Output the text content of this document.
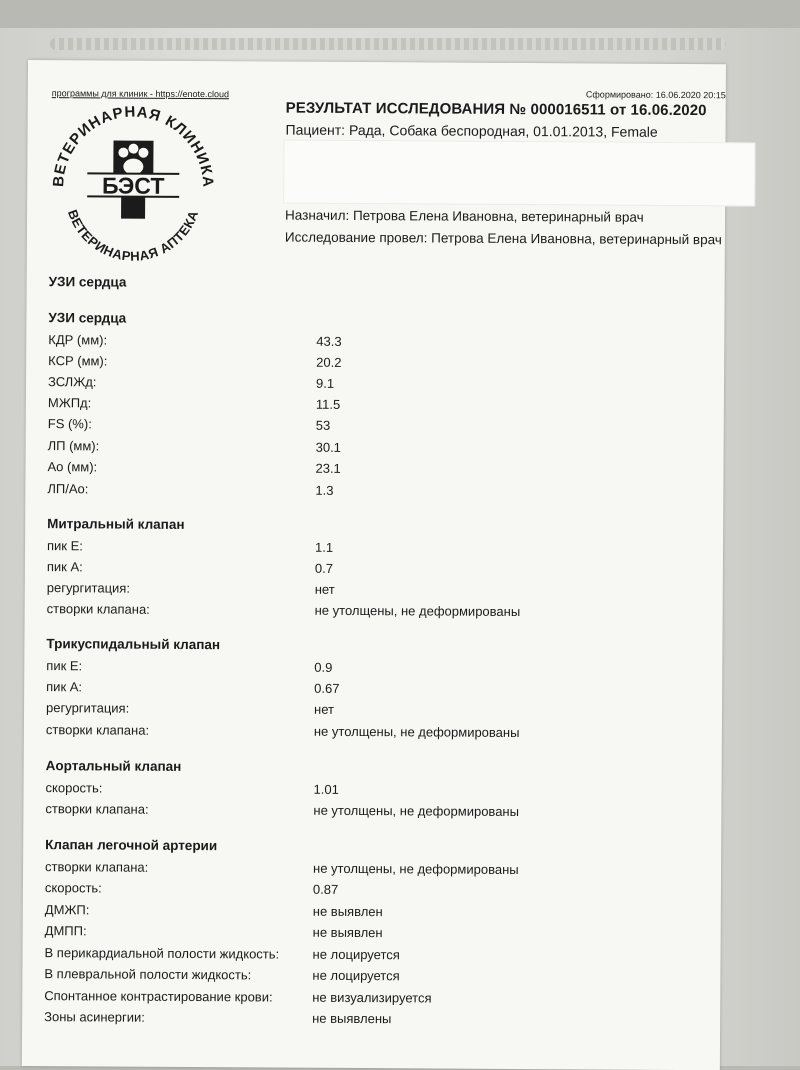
программы для клиник - https://enote.cloud	Сформировано: 16.06.2020 20:15
ВЕТЕРИНАРНАЯ КЛИНИКА
ВЕТЕРИНАРНАЯ АПТЕКА
БЭСТ
РЕЗУЛЬТАТ ИССЛЕДОВАНИЯ № 000016511 от 16.06.2020
Пациент: Рада, Собака беспородная, 01.01.2013, Female
Назначил: Петрова Елена Ивановна, ветеринарный врач
Исследование провел: Петрова Елена Ивановна, ветеринарный врач
УЗИ сердца
УЗИ сердца
КДР (мм):	43.3
КСР (мм):	20.2
ЗСЛЖд:	9.1
МЖПд:	11.5
FS (%):	53
ЛП (мм):	30.1
Ао (мм):	23.1
ЛП/Ао:	1.3
Митральный клапан
пик Е:	1.1
пик А:	0.7
регургитация:	нет
створки клапана:	не утолщены, не деформированы
Трикуспидальный клапан
пик Е:	0.9
пик А:	0.67
регургитация:	нет
створки клапана:	не утолщены, не деформированы
Аортальный клапан
скорость:	1.01
створки клапана:	не утолщены, не деформированы
Клапан легочной артерии
створки клапана:	не утолщены, не деформированы
скорость:	0.87
ДМЖП:	не выявлен
ДМПП:	не выявлен
В перикардиальной полости жидкость:	не лоцируется
В плевральной полости жидкость:	не лоцируется
Спонтанное контрастирование крови:	не визуализируется
Зоны асинергии:	не выявлены
